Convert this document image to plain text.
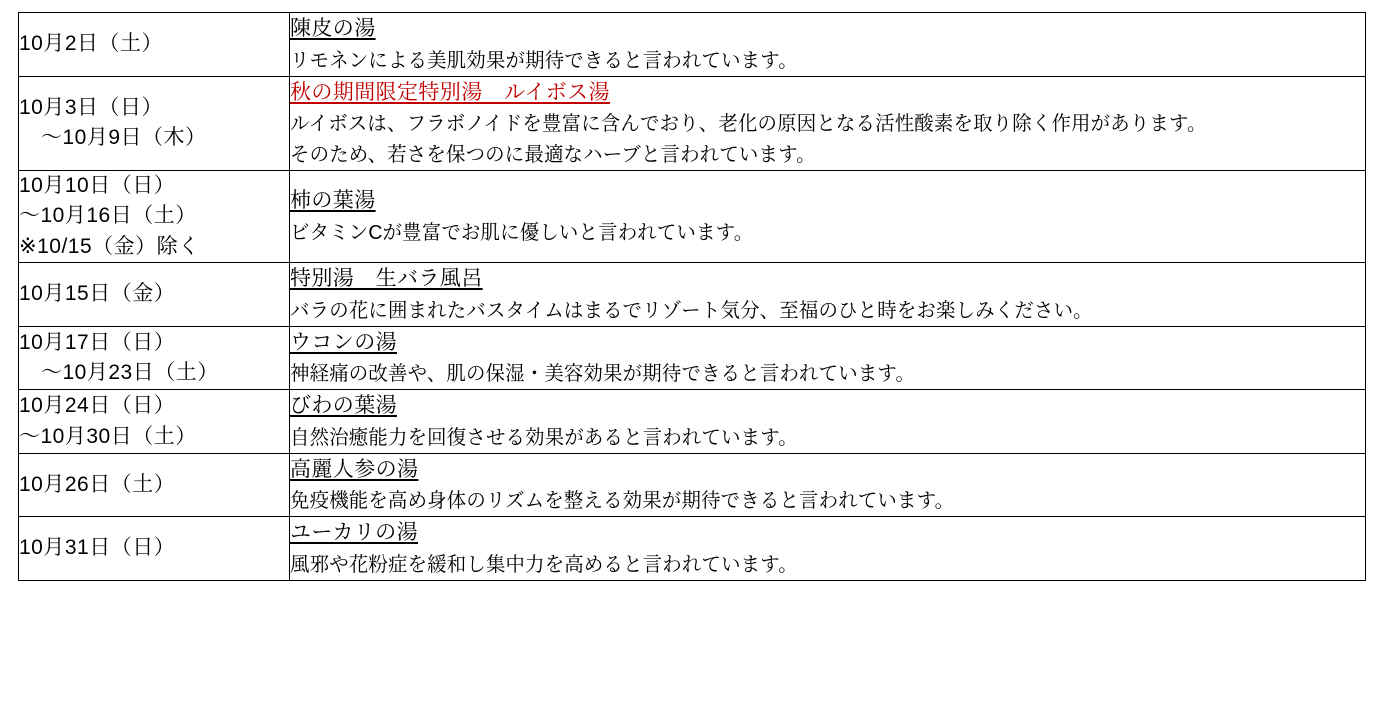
10月2日（土）	陳皮の湯
リモネンによる美肌効果が期待できると言われています。

10月3日（日）
～10月9日（木）	秋の期間限定特別湯　ルイボス湯
ルイボスは、フラボノイドを豊富に含んでおり、老化の原因となる活性酸素を取り除く作用があります。
そのため、若さを保つのに最適なハーブと言われています。

10月10日（日）
～10月16日（土）
※10/15（金）除く	柿の葉湯
ビタミンCが豊富でお肌に優しいと言われています。

10月15日（金）	特別湯　生バラ風呂
バラの花に囲まれたバスタイムはまるでリゾート気分、至福のひと時をお楽しみください。

10月17日（日）
～10月23日（土）	ウコンの湯
神経痛の改善や、肌の保湿・美容効果が期待できると言われています。

10月24日（日）
～10月30日（土）	びわの葉湯
自然治癒能力を回復させる効果があると言われています。

10月26日（土）	高麗人参の湯
免疫機能を高め身体のリズムを整える効果が期待できると言われています。

10月31日（日）	ユーカリの湯
風邪や花粉症を緩和し集中力を高めると言われています。
